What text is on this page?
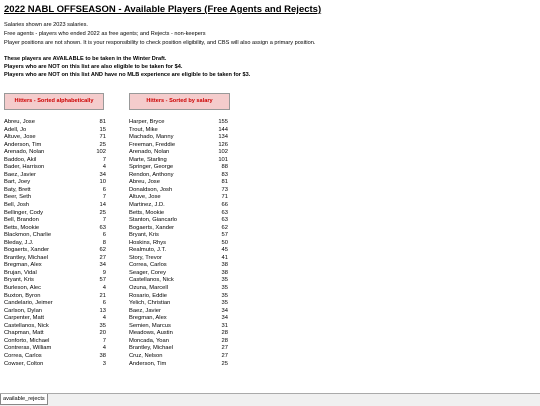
2022 NABL OFFSEASON - Available Players (Free Agents and Rejects)
Salaries shown are 2023 salaries.
Free agents - players who ended 2022 as free agents; and Rejects - non-keepers
Player positions are not shown. It is your responsibility to check position eligibility, and CBS will also assign a primary position.
These players are AVAILABLE to be taken in the Winter Draft.
Players who are NOT on this list are also eligible to be taken for $4.
Players who are NOT on this list AND have no MLB experience are eligible to be taken for $3.
Hitters - Sorted alphabetically	Hitters - Sorted by salary
Abreu, Jose	81
Adell, Jo	15
Altuve, Jose	71
Anderson, Tim	25
Arenado, Nolan	102
Baddoo, Akil	7
Bader, Harrison	4
Baez, Javier	34
Bart, Joey	10
Baty, Brett	6
Beer, Seth	7
Bell, Josh	14
Bellinger, Cody	25
Bell, Brandon	7
Betts, Mookie	63
Blackmon, Charlie	6
Bleday, J.J.	8
Bogaerts, Xander	62
Brantley, Michael	27
Bregman, Alex	34
Brujan, Vidal	9
Bryant, Kris	57
Burleson, Alec	4
Buxton, Byron	21
Candelario, Jeimer	6
Carlson, Dylan	13
Carpenter, Matt	4
Castellanos, Nick	35
Chapman, Matt	20
Conforto, Michael	7
Contreras, William	4
Correa, Carlos	38
Cowser, Colton	3
Harper, Bryce	155
Trout, Mike	144
Machado, Manny	134
Freeman, Freddie	126
Arenado, Nolan	102
Marte, Starling	101
Springer, George	88
Rendon, Anthony	83
Abreu, Jose	81
Donaldson, Josh	73
Altuve, Jose	71
Martinez, J.D.	66
Betts, Mookie	63
Stanton, Giancarlo	63
Bogaerts, Xander	62
Bryant, Kris	57
Hoskins, Rhys	50
Realmuto, J.T.	45
Story, Trevor	41
Correa, Carlos	38
Seager, Corey	38
Castellanos, Nick	35
Ozuna, Marcell	35
Rosario, Eddie	35
Yelich, Christian	35
Baez, Javier	34
Bregman, Alex	34
Semien, Marcus	31
Meadows, Austin	28
Moncada, Yoan	28
Brantley, Michael	27
Cruz, Nelson	27
Anderson, Tim	25
available_rejects
